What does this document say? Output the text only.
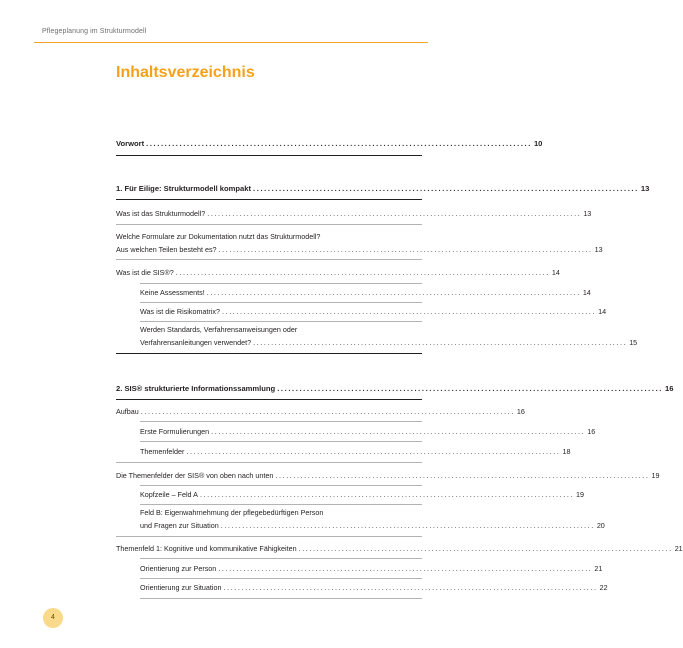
Pflegeplanung im Strukturmodell
Inhaltsverzeichnis
Vorwort ........................................................................................................ 10
1. Für Eilige: Strukturmodell kompakt ........................................................................................................ 13
Was ist das Strukturmodell? ........................................................................................................ 13
Welche Formulare zur Dokumentation nutzt das Strukturmodell?
Aus welchen Teilen besteht es? ........................................................................................................ 13
Was ist die SIS®? ........................................................................................................ 14
Keine Assessments! ........................................................................................................ 14
Was ist die Risikomatrix? ........................................................................................................ 14
Werden Standards, Verfahrensanweisungen oder
Verfahrensanleitungen verwendet? ........................................................................................................ 15
2. SIS® strukturierte Informationssammlung ........................................................................................................ 16
Aufbau ........................................................................................................ 16
Erste Formulierungen ........................................................................................................ 16
Themenfelder ........................................................................................................ 18
Die Themenfelder der SIS® von oben nach unten ........................................................................................................ 19
Kopfzeile – Feld A ........................................................................................................ 19
Feld B: Eigenwahrnehmung der pflegebedürftigen Person
und Fragen zur Situation ........................................................................................................ 20
Themenfeld 1: Kognitive und kommunikative Fähigkeiten ........................................................................................................ 21
Orientierung zur Person ........................................................................................................ 21
Orientierung zur Situation ........................................................................................................ 22
4
